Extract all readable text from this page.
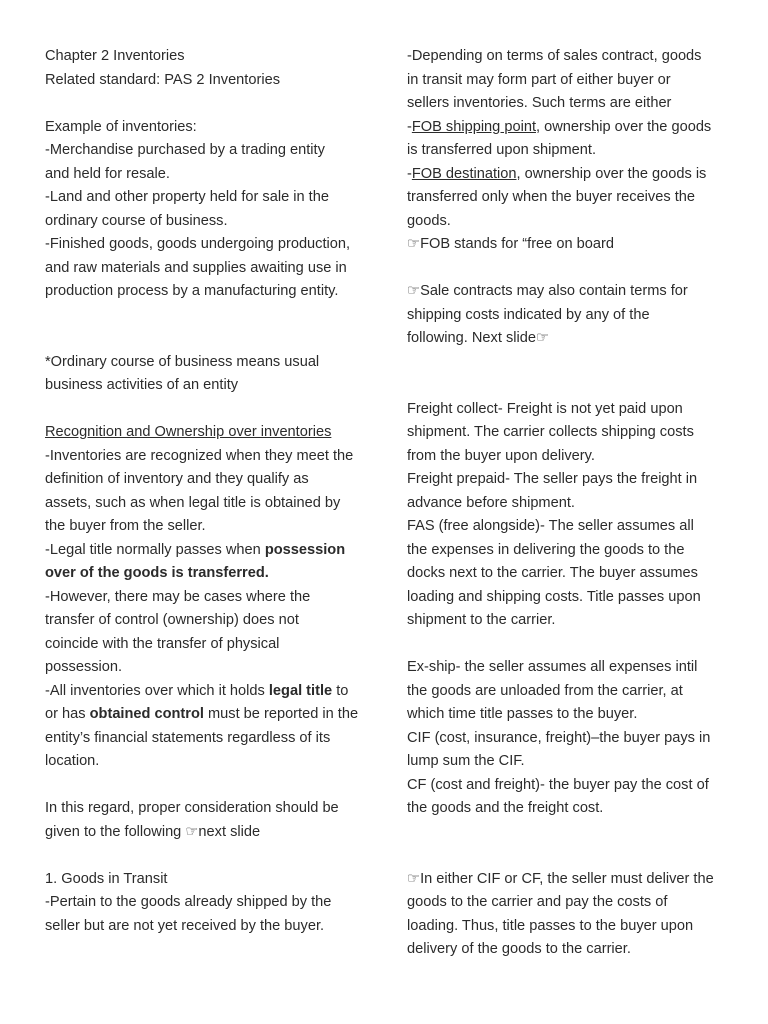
Chapter 2 Inventories
Related standard: PAS 2 Inventories
Example of inventories:
-Merchandise purchased by a trading entity
and held for resale.
-Land and other property held for sale in the
ordinary course of business.
-Finished goods, goods undergoing production,
and raw materials and supplies awaiting use in
production process by a manufacturing entity.
*Ordinary course of business means usual
business activities of an entity
Recognition and Ownership over inventories
-Inventories are recognized when they meet the
definition of inventory and they qualify as
assets, such as when legal title is obtained by
the buyer from the seller.
-Legal title normally passes when possession
over of the goods is transferred.
-However, there may be cases where the
transfer of control (ownership) does not
coincide with the transfer of physical
possession.
-All inventories over which it holds legal title to
or has obtained control must be reported in the
entity’s financial statements regardless of its
location.
In this regard, proper consideration should be
given to the following ☞next slide
1. Goods in Transit
-Pertain to the goods already shipped by the
seller but are not yet received by the buyer.
-Depending on terms of sales contract, goods
in transit may form part of either buyer or
sellers inventories. Such terms are either
-FOB shipping point, ownership over the goods
is transferred upon shipment.
-FOB destination, ownership over the goods is
transferred only when the buyer receives the
goods.
☞FOB stands for “free on board
☞Sale contracts may also contain terms for
shipping costs indicated by any of the
following. Next slide☞
Freight collect- Freight is not yet paid upon
shipment. The carrier collects shipping costs
from the buyer upon delivery.
Freight prepaid- The seller pays the freight in
advance before shipment.
FAS (free alongside)- The seller assumes all
the expenses in delivering the goods to the
docks next to the carrier. The buyer assumes
loading and shipping costs. Title passes upon
shipment to the carrier.
Ex-ship- the seller assumes all expenses intil
the goods are unloaded from the carrier, at
which time title passes to the buyer.
CIF (cost, insurance, freight)–the buyer pays in
lump sum the CIF.
CF (cost and freight)- the buyer pay the cost of
the goods and the freight cost.
☞In either CIF or CF, the seller must deliver the
goods to the carrier and pay the costs of
loading. Thus, title passes to the buyer upon
delivery of the goods to the carrier.
